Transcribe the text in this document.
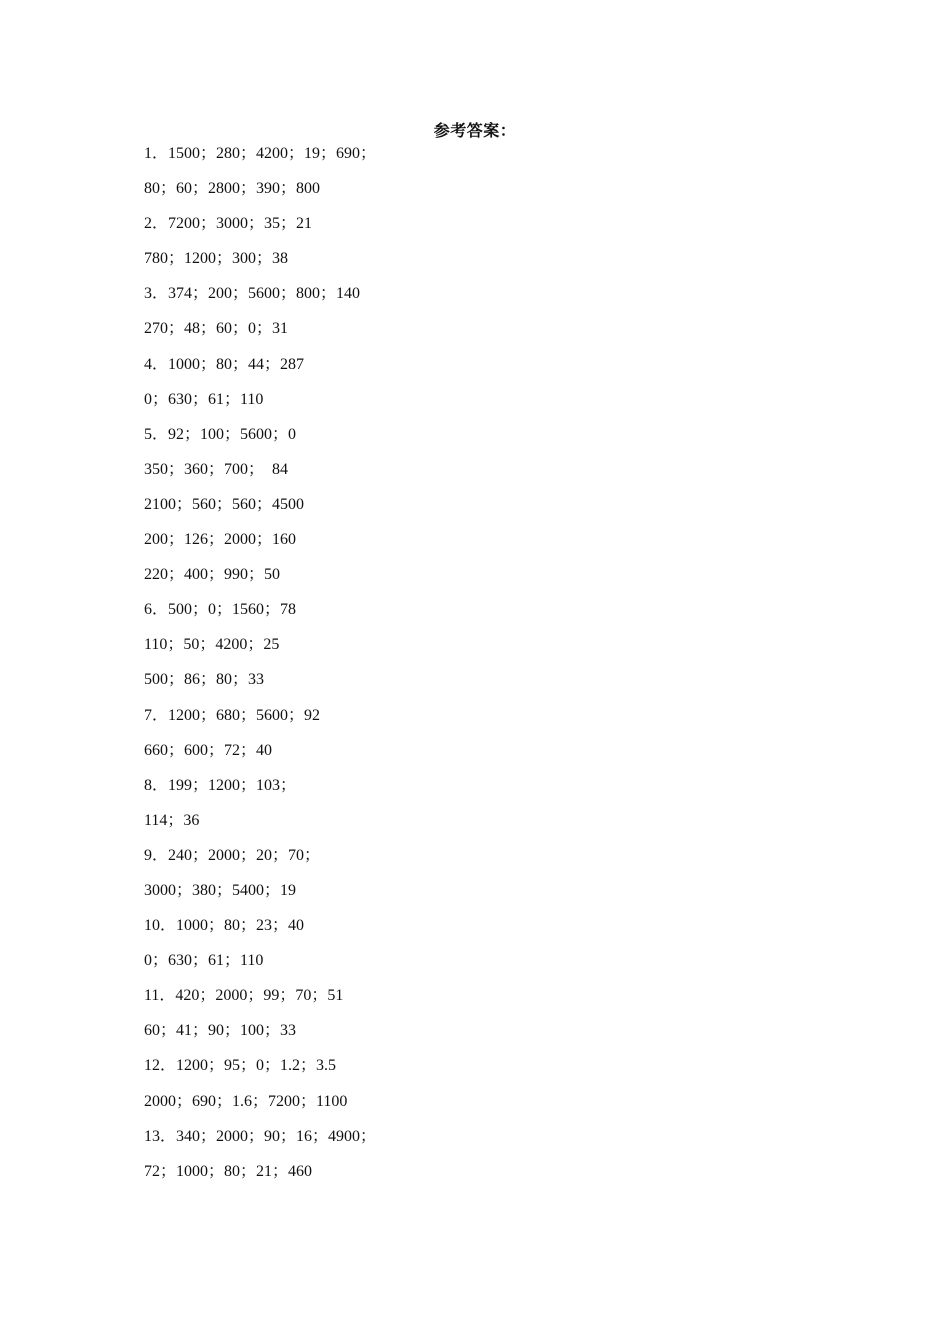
参考答案：
1．1500；280；4200；19；690；
80；60；2800；390；800
2．7200；3000；35；21
780；1200；300；38
3．374；200；5600；800；140
270；48；60；0；31
4．1000；80；44；287
0；630；61；110
5．92；100；5600；0
350；360；700；  84
2100；560；560；4500
200；126；2000；160
220；400；990；50
6．500；0；1560；78
110；50；4200；25
500；86；80；33
7．1200；680；5600；92
660；600；72；40
8．199；1200；103；
114；36
9．240；2000；20；70；
3000；380；5400；19
10．1000；80；23；40
0；630；61；110
11．420；2000；99；70；51
60；41；90；100；33
12．1200；95；0；1.2；3.5
2000；690；1.6；7200；1100
13．340；2000；90；16；4900；
72；1000；80；21；460
